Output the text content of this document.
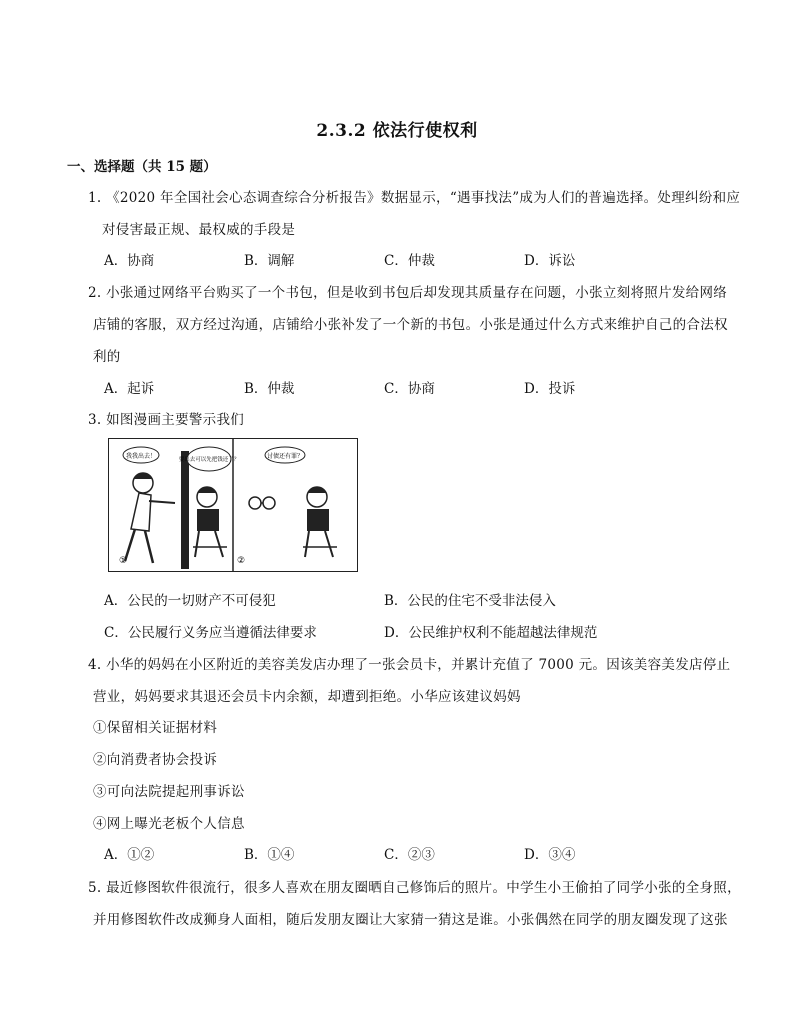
2.3.2 依法行使权利
一、选择题（共 15 题）
1. 《2020 年全国社会心态调查综合分析报告》数据显示，“遇事找法”成为人们的普遍选择。处理纠纷和应
对侵害最正规、最权威的手段是
A．协商	B．调解	C．仲裁	D．诉讼
2. 小张通过网络平台购买了一个书包，但是收到书包后却发现其质量存在问题，小张立刻将照片发给网络
店铺的客服，双方经过沟通，店铺给小张补发了一个新的书包。小张是通过什么方式来维护自己的合法权
利的
A．起诉	B．仲裁	C．协商	D．投诉
3. 如图漫画主要警示我们
我我出去！	要出去可以先把钱还了？
①
讨债还有罪？
②
A．公民的一切财产不可侵犯	B．公民的住宅不受非法侵入
C．公民履行义务应当遵循法律要求	D．公民维护权利不能超越法律规范
4. 小华的妈妈在小区附近的美容美发店办理了一张会员卡，并累计充值了 7000 元。因该美容美发店停止
营业，妈妈要求其退还会员卡内余额，却遭到拒绝。小华应该建议妈妈
①保留相关证据材料
②向消费者协会投诉
③可向法院提起刑事诉讼
④网上曝光老板个人信息
A．①②	B．①④	C．②③	D．③④
5. 最近修图软件很流行，很多人喜欢在朋友圈晒自己修饰后的照片。中学生小王偷拍了同学小张的全身照，
并用修图软件改成狮身人面相，随后发朋友圈让大家猜一猜这是谁。小张偶然在同学的朋友圈发现了这张
